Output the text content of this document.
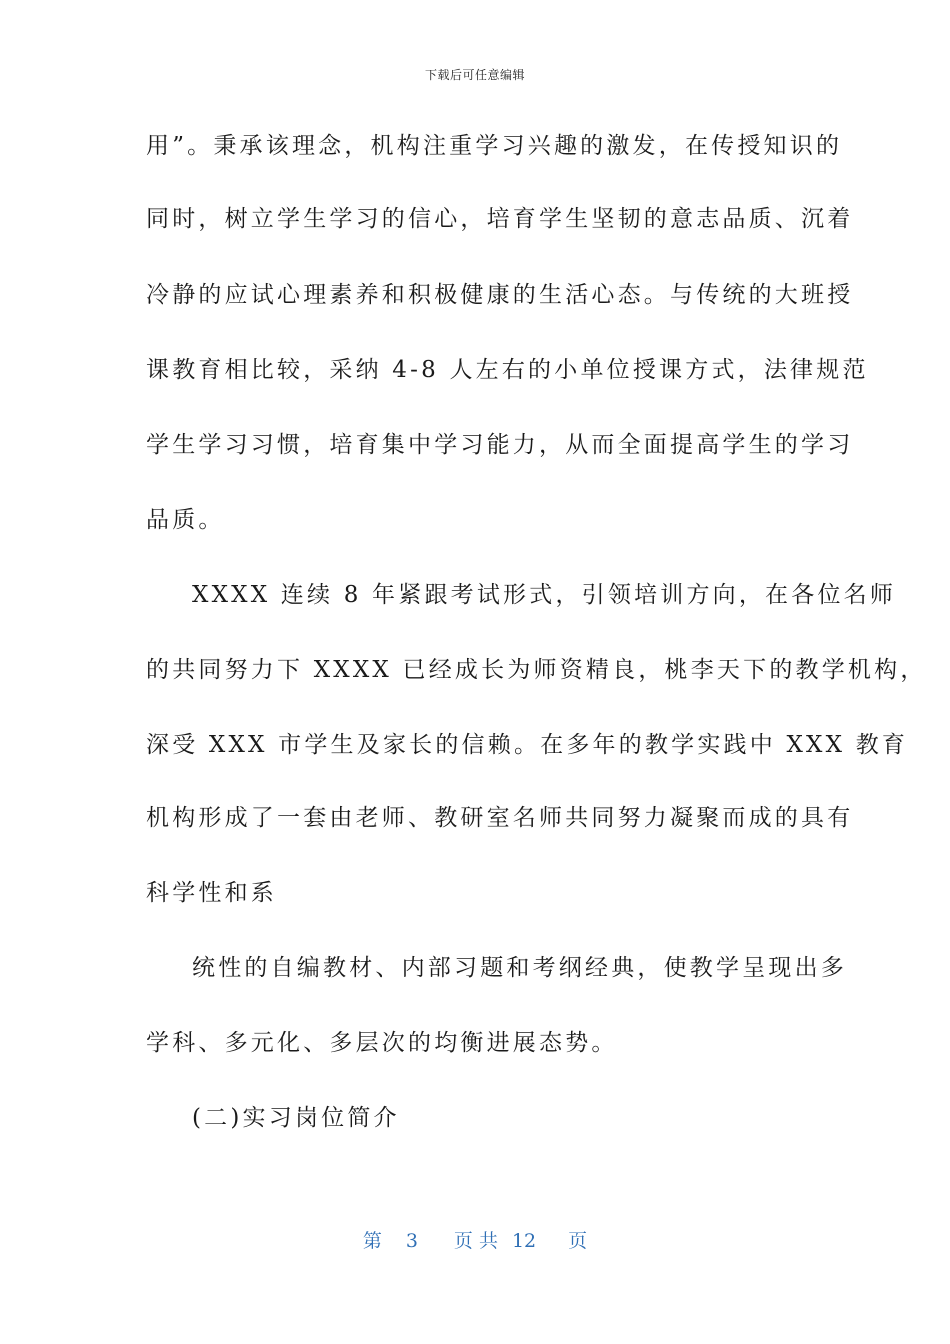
下载后可任意编辑
用”。秉承该理念，机构注重学习兴趣的激发，在传授知识的
同时，树立学生学习的信心，培育学生坚韧的意志品质、沉着
冷静的应试心理素养和积极健康的生活心态。与传统的大班授
课教育相比较，采纳 4-8 人左右的小单位授课方式，法律规范
学生学习习惯，培育集中学习能力，从而全面提高学生的学习
品质。
XXXX 连续 8 年紧跟考试形式，引领培训方向，在各位名师
的共同努力下 XXXX 已经成长为师资精良，桃李天下的教学机构，
深受 XXX 市学生及家长的信赖。在多年的教学实践中 XXX 教育
机构形成了一套由老师、教研室名师共同努力凝聚而成的具有
科学性和系
统性的自编教材、内部习题和考纲经典，使教学呈现出多
学科、多元化、多层次的均衡进展态势。
(二)实习岗位简介
第 3 页 共 12 页
